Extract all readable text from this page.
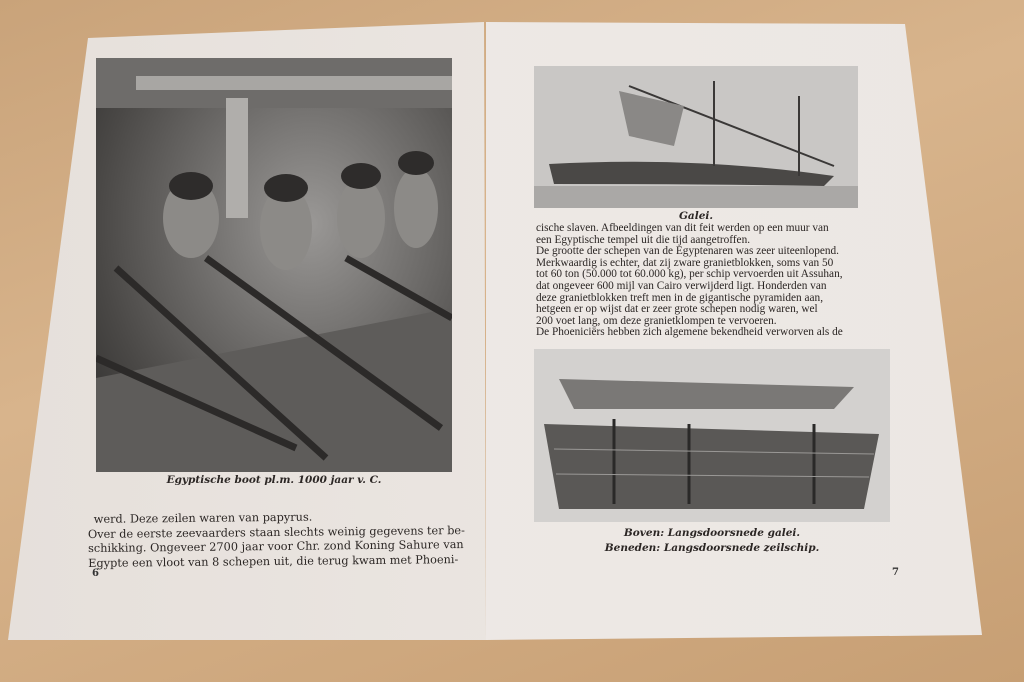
Egyptische boot pl.m. 1000 jaar v. C.
werd. Deze zeilen waren van papyrus.
Over de eerste zeevaarders staan slechts weinig gegevens ter be-
schikking. Ongeveer 2700 jaar voor Chr. zond Koning Sahure van
Egypte een vloot van 8 schepen uit, die terug kwam met Phoeni-
6
Galei.
cische slaven. Afbeeldingen van dit feit werden op een muur van
een Egyptische tempel uit die tijd aangetroffen.
De grootte der schepen van de Egyptenaren was zeer uiteenlopend.
Merkwaardig is echter, dat zij zware granietblokken, soms van 50
tot 60 ton (50.000 tot 60.000 kg), per schip vervoerden uit Assuhan,
dat ongeveer 600 mijl van Cairo verwijderd ligt. Honderden van
deze granietblokken treft men in de gigantische pyramiden aan,
hetgeen er op wijst dat er zeer grote schepen nodig waren, wel
200 voet lang, om deze granietklompen te vervoeren.
De Phoeniciërs hebben zich algemene bekendheid verworven als de
Boven: Langsdoorsnede galei.
Beneden: Langsdoorsnede zeilschip.
7
